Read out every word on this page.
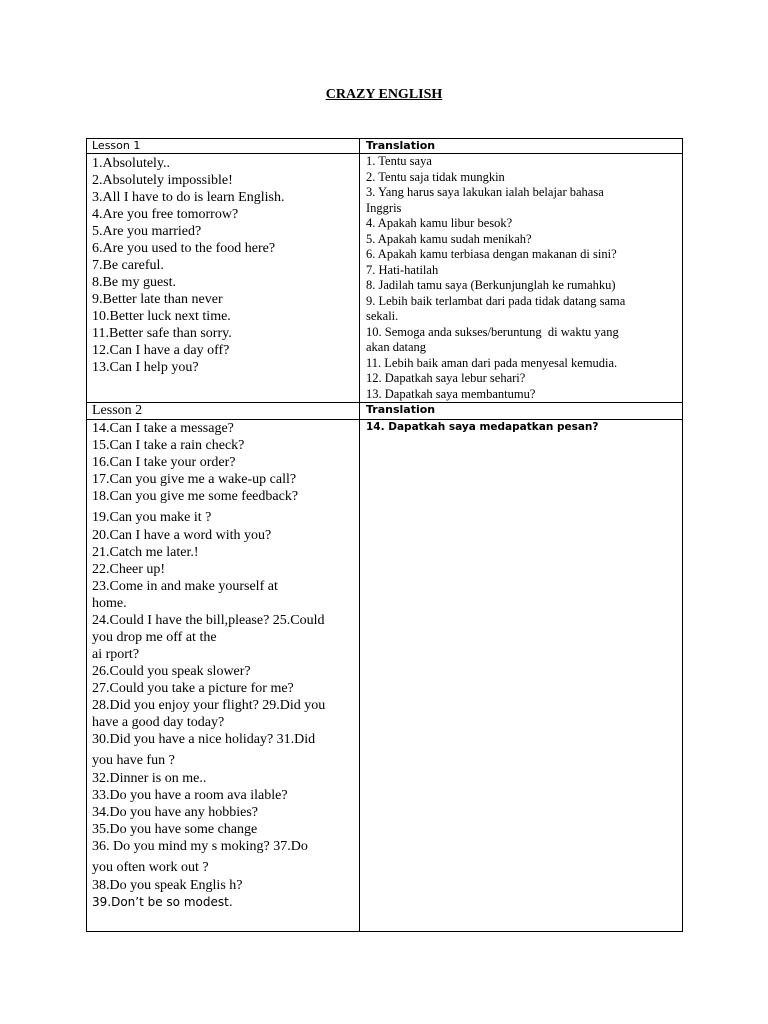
CRAZY ENGLISH
Lesson 1	Translation
1.Absolutely..
2.Absolutely impossible!
3.All I have to do is learn English.
4.Are you free tomorrow?
5.Are you married?
6.Are you used to the food here?
7.Be careful.
8.Be my guest.
9.Better late than never
10.Better luck next time.
11.Better safe than sorry.
12.Can I have a day off?
13.Can I help you?
1. Tentu saya
2. Tentu saja tidak mungkin
3. Yang harus saya lakukan ialah belajar bahasa
Inggris
4. Apakah kamu libur besok?
5. Apakah kamu sudah menikah?
6. Apakah kamu terbiasa dengan makanan di sini?
7. Hati-hatilah
8. Jadilah tamu saya (Berkunjunglah ke rumahku)
9. Lebih baik terlambat dari pada tidak datang sama
sekali.
10. Semoga anda sukses/beruntung  di waktu yang
akan datang
11. Lebih baik aman dari pada menyesal kemudia.
12. Dapatkah saya lebur sehari?
13. Dapatkah saya membantumu?
Lesson 2	Translation
14.Can I take a message?
15.Can I take a rain check?
16.Can I take your order?
17.Can you give me a wake-up call?
18.Can you give me some feedback?
19.Can you make it ?
20.Can I have a word with you?
21.Catch me later.!
22.Cheer up!
23.Come in and make yourself at
home.
24.Could I have the bill,please? 25.Could
you drop me off at the
ai rport?
26.Could you speak slower?
27.Could you take a picture for me?
28.Did you enjoy your flight? 29.Did you
have a good day today?
30.Did you have a nice holiday? 31.Did
you have fun ?
32.Dinner is on me..
33.Do you have a room ava ilable?
34.Do you have any hobbies?
35.Do you have some change
36. Do you mind my s moking? 37.Do
you often work out ?
38.Do you speak Englis h?
39.Don’t be so modest.
14. Dapatkah saya medapatkan pesan?
